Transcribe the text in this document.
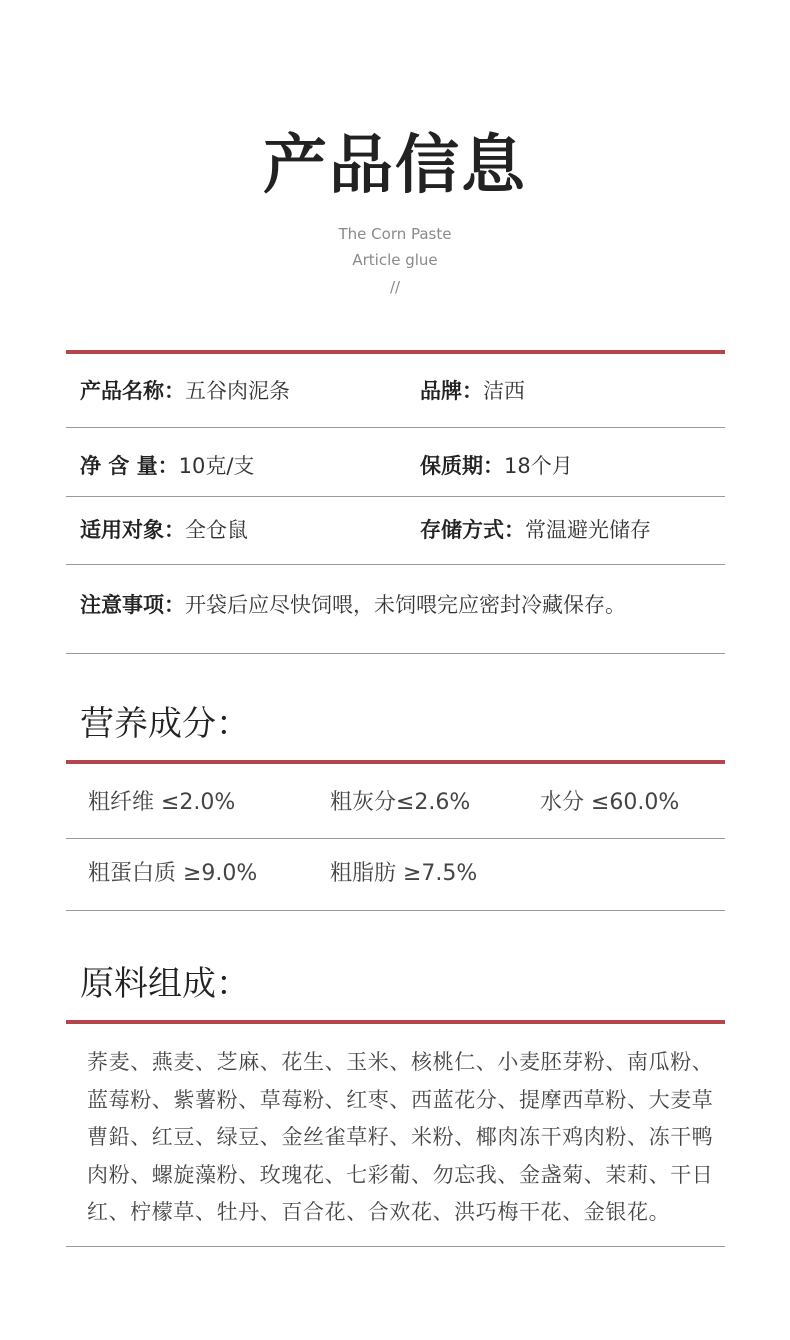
产品信息
The Corn Paste
Article glue
//
产品名称：五谷肉泥条	品牌：洁西
净 含 量：10克/支	保质期：18个月
适用对象：全仓鼠	存储方式：常温避光储存
注意事项：开袋后应尽快饲喂，未饲喂完应密封冷藏保存。
营养成分：
粗纤维 ≤2.0%	粗灰分≤2.6%	水分 ≤60.0%
粗蛋白质 ≥9.0%	粗脂肪 ≥7.5%
原料组成：
荞麦、燕麦、芝麻、花生、玉米、核桃仁、小麦胚芽粉、南瓜粉、蓝莓粉、紫薯粉、草莓粉、红枣、西蓝花分、提摩西草粉、大麦草曹鉛、红豆、绿豆、金丝雀草籽、米粉、椰肉冻干鸡肉粉、冻干鸭肉粉、螺旋藻粉、玫瑰花、七彩葡、勿忘我、金盏菊、茉莉、干日红、柠檬草、牡丹、百合花、合欢花、洪巧梅干花、金银花。
